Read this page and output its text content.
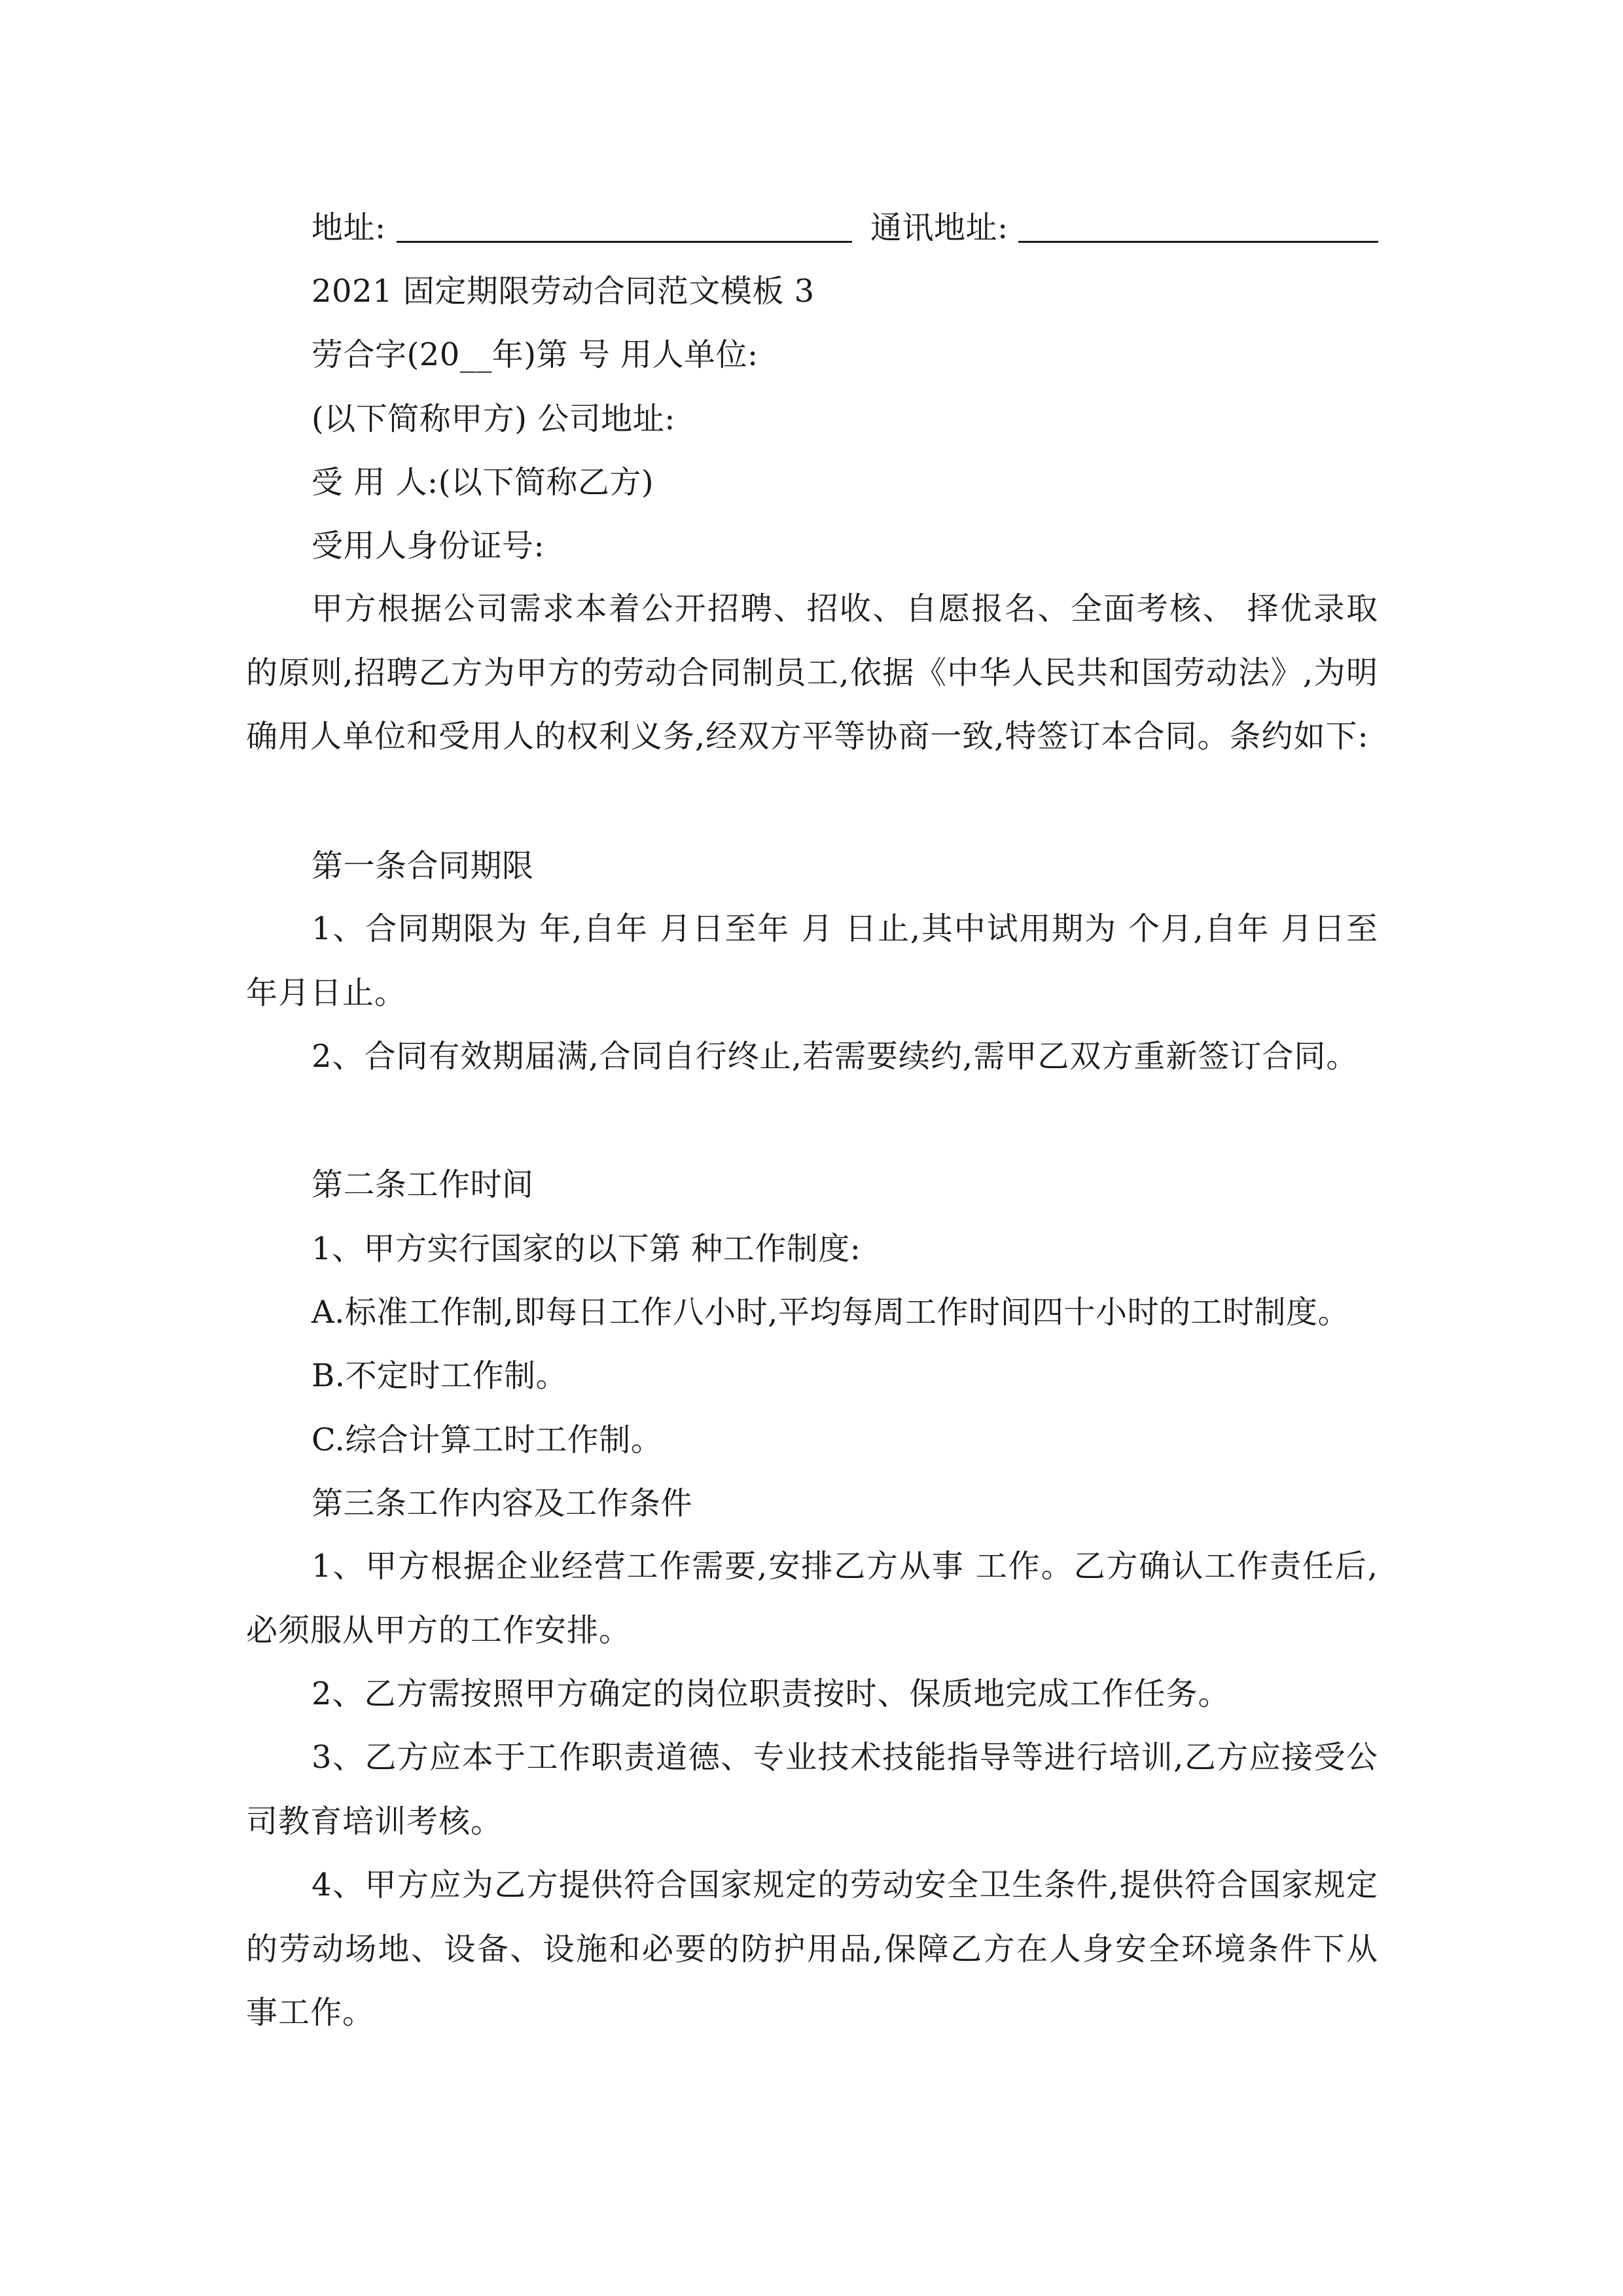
地址:	通讯地址:
2021 固定期限劳动合同范文模板 3
劳合字(20__年)第 号 用人单位:
(以下简称甲方) 公司地址:
受 用 人:(以下简称乙方)
受用人身份证号:
甲方根据公司需求本着公开招聘、招收、自愿报名、全面考核、 择优录取的原则,招聘乙方为甲方的劳动合同制员工,依据《中华人民共和国劳动法》,为明确用人单位和受用人的权利义务,经双方平等协商一致,特签订本合同。条约如下:
第一条合同期限
1、合同期限为 年,自年 月日至年 月 日止,其中试用期为 个月,自年 月日至年月日止。
2、合同有效期届满,合同自行终止,若需要续约,需甲乙双方重新签订合同。
第二条工作时间
1、甲方实行国家的以下第 种工作制度:
A.标准工作制,即每日工作八小时,平均每周工作时间四十小时的工时制度。
B.不定时工作制。
C.综合计算工时工作制。
第三条工作内容及工作条件
1、甲方根据企业经营工作需要,安排乙方从事 工作。乙方确认工作责任后,必须服从甲方的工作安排。
2、乙方需按照甲方确定的岗位职责按时、保质地完成工作任务。
3、乙方应本于工作职责道德、专业技术技能指导等进行培训,乙方应接受公司教育培训考核。
4、甲方应为乙方提供符合国家规定的劳动安全卫生条件,提供符合国家规定的劳动场地、设备、设施和必要的防护用品,保障乙方在人身安全环境条件下从事工作。
